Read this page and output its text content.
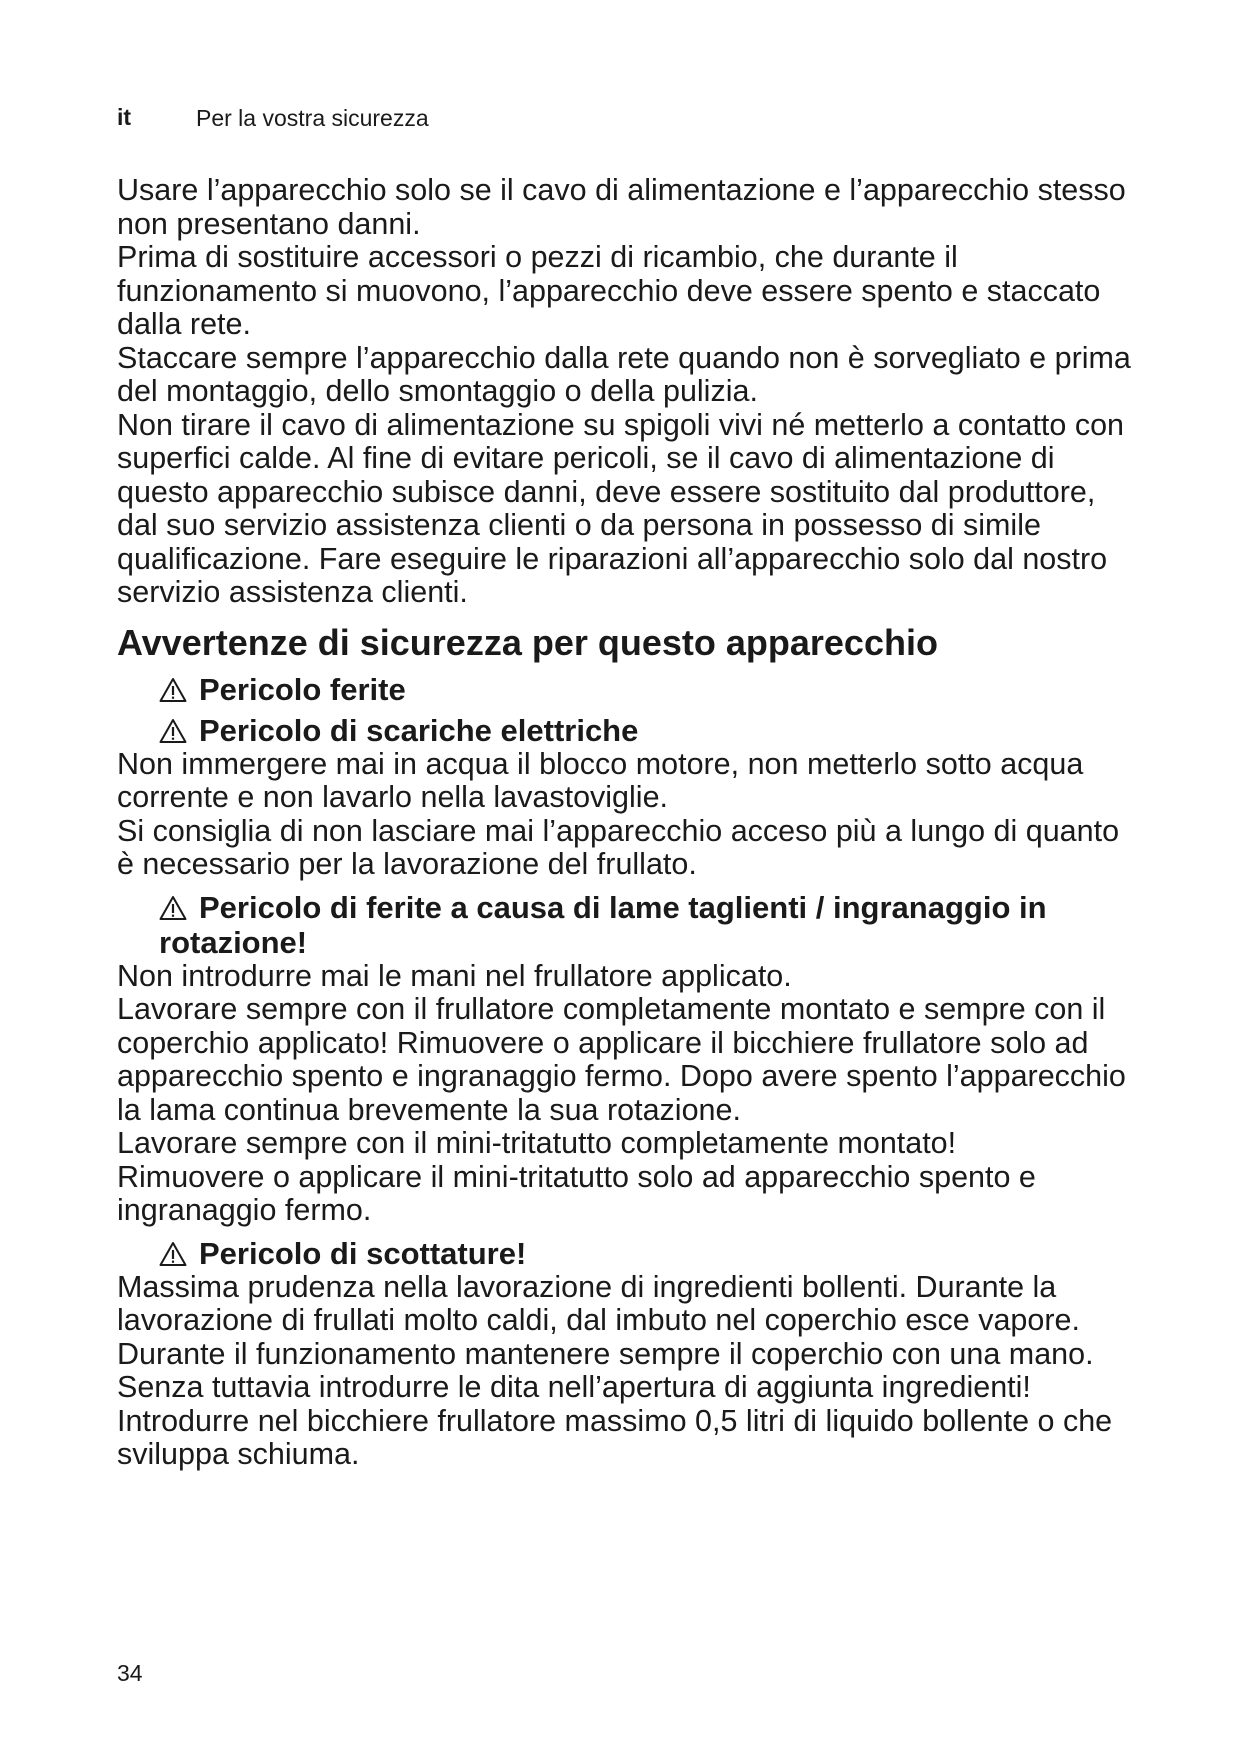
it	Per la vostra sicurezza

Usare l’apparecchio solo se il cavo di alimentazione e l’apparecchio stesso non presentano danni.

Prima di sostituire accessori o pezzi di ricambio, che durante il funzionamento si muovono, l’apparecchio deve essere spento e staccato dalla rete.

Staccare sempre l’apparecchio dalla rete quando non è sorvegliato e prima del montaggio, dello smontaggio o della pulizia.

Non tirare il cavo di alimentazione su spigoli vivi né metterlo a contatto con superfici calde. Al fine di evitare pericoli, se il cavo di alimentazione di questo apparecchio subisce danni, deve essere sostituito dal produttore, dal suo servizio assistenza clienti o da persona in possesso di simile qualificazione. Fare eseguire le riparazioni all’apparecchio solo dal nostro servizio assistenza clienti.

Avvertenze di sicurezza per questo apparecchio
Pericolo ferite
Pericolo di scariche elettriche

Non immergere mai in acqua il blocco motore, non metterlo sotto acqua corrente e non lavarlo nella lavastoviglie.

Si consiglia di non lasciare mai l’apparecchio acceso più a lungo di quanto è necessario per la lavorazione del frullato.

Pericolo di ferite a causa di lame taglienti / ingranaggio in rotazione!

Non introdurre mai le mani nel frullatore applicato.

Lavorare sempre con il frullatore completamente montato e sempre con il coperchio applicato! Rimuovere o applicare il bicchiere frullatore solo ad apparecchio spento e ingranaggio fermo. Dopo avere spento l’apparecchio la lama continua brevemente la sua rotazione.

Lavorare sempre con il mini-tritatutto completamente montato!

Rimuovere o applicare il mini-tritatutto solo ad apparecchio spento e ingranaggio fermo.

Pericolo di scottature!

Massima prudenza nella lavorazione di ingredienti bollenti. Durante la lavorazione di frullati molto caldi, dal imbuto nel coperchio esce vapore.

Durante il funzionamento mantenere sempre il coperchio con una mano. Senza tuttavia introdurre le dita nell’apertura di aggiunta ingredienti!

Introdurre nel bicchiere frullatore massimo 0,5 litri di liquido bollente o che sviluppa schiuma.

34
